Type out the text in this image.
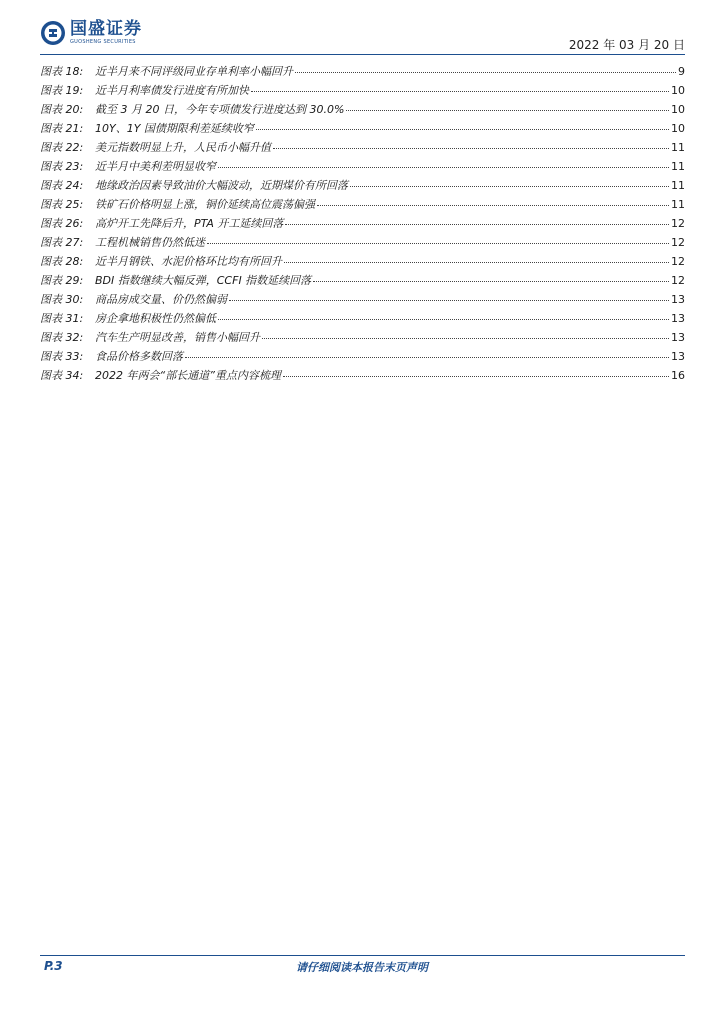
国盛证券
GUOSHENG SECURITIES	2022 年 03 月 20 日
图表 18:	近半月来不同评级同业存单利率小幅回升	9
图表 19:	近半月利率债发行进度有所加快	10
图表 20:	截至 3 月 20 日，今年专项债发行进度达到 30.0%	10
图表 21:	10Y、1Y 国债期限利差延续收窄	10
图表 22:	美元指数明显上升，人民币小幅升值	11
图表 23:	近半月中美利差明显收窄	11
图表 24:	地缘政治因素导致油价大幅波动，近期煤价有所回落	11
图表 25:	铁矿石价格明显上涨，铜价延续高位震荡偏强	11
图表 26:	高炉开工先降后升，PTA 开工延续回落	12
图表 27:	工程机械销售仍然低迷	12
图表 28:	近半月钢铁、水泥价格环比均有所回升	12
图表 29:	BDI 指数继续大幅反弹，CCFI 指数延续回落	12
图表 30:	商品房成交量、价仍然偏弱	13
图表 31:	房企拿地积极性仍然偏低	13
图表 32:	汽车生产明显改善，销售小幅回升	13
图表 33:	食品价格多数回落	13
图表 34:	2022 年两会“部长通道”重点内容梳理	16
P.3	请仔细阅读本报告末页声明
